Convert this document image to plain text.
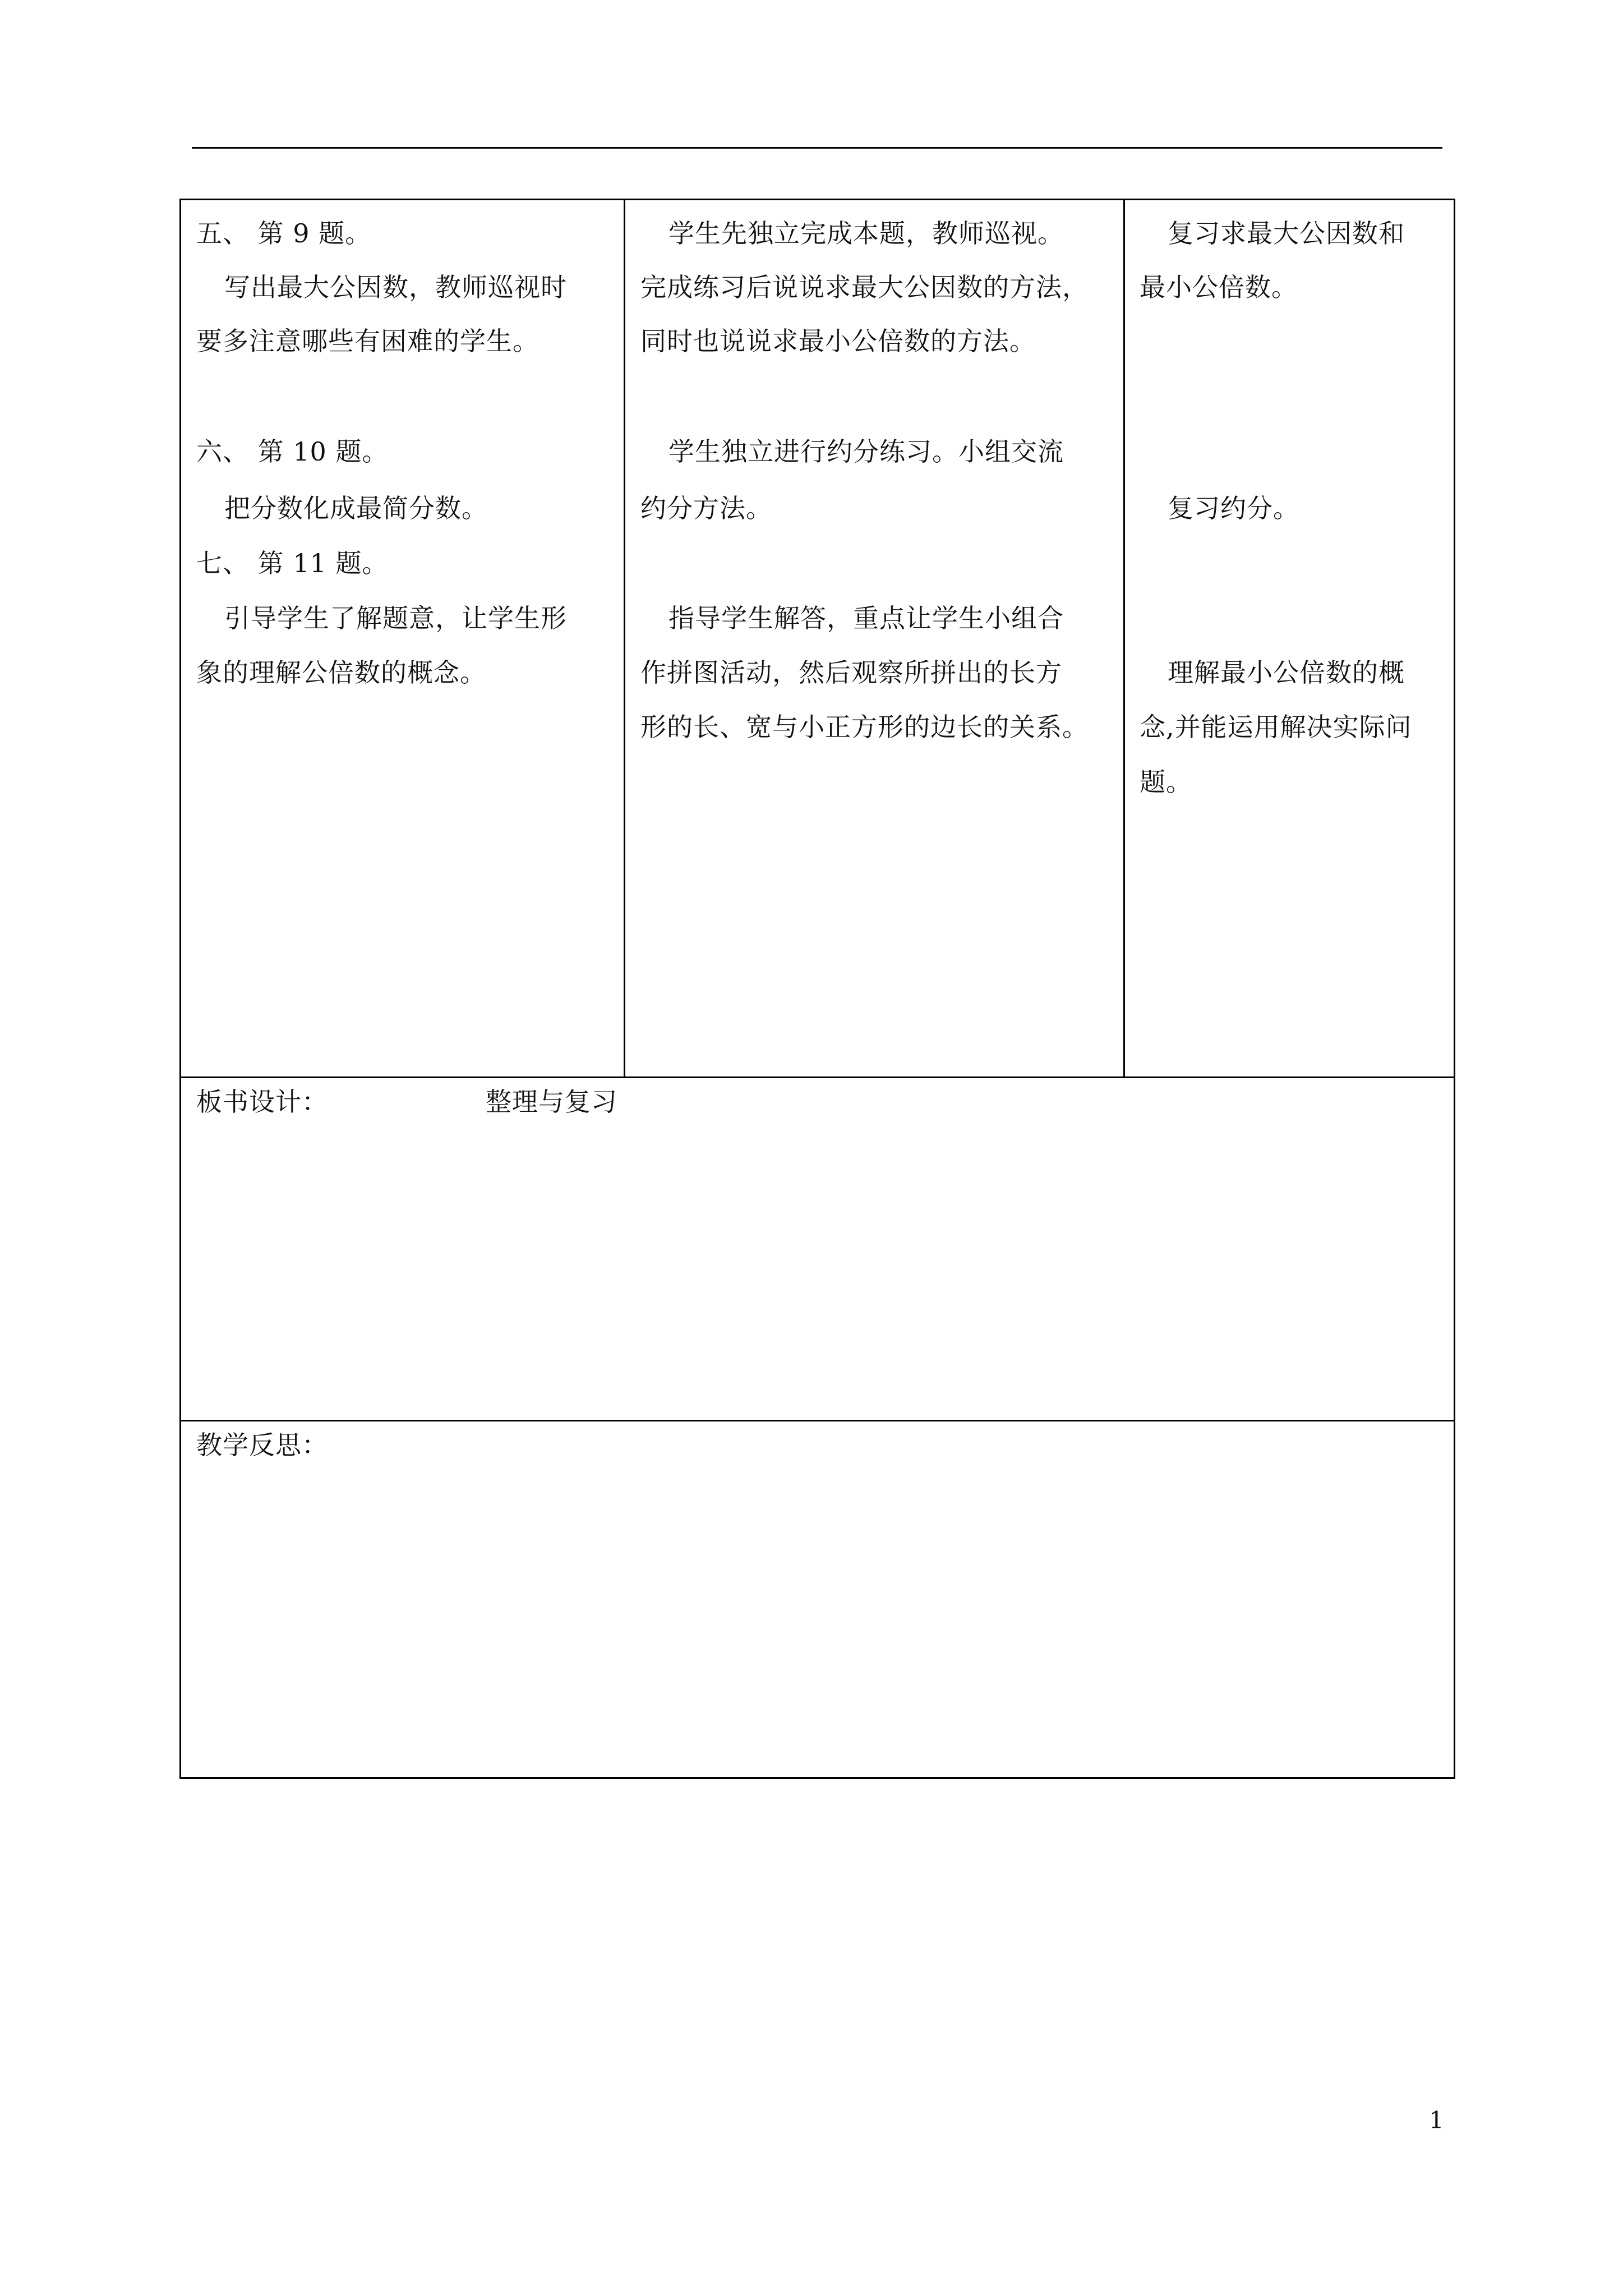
五、 第 9 题。
写出最大公因数，教师巡视时
要多注意哪些有困难的学生。
六、 第 10 题。
把分数化成最简分数。
七、 第 11 题。
引导学生了解题意，让学生形
象的理解公倍数的概念。
学生先独立完成本题，教师巡视。
完成练习后说说求最大公因数的方法，
同时也说说求最小公倍数的方法。
学生独立进行约分练习。小组交流
约分方法。
指导学生解答，重点让学生小组合
作拼图活动，然后观察所拼出的长方
形的长、宽与小正方形的边长的关系。
复习求最大公因数和
最小公倍数。
复习约分。
理解最小公倍数的概
念,并能运用解决实际问
题。
板书设计：	整理与复习
教学反思：
1
